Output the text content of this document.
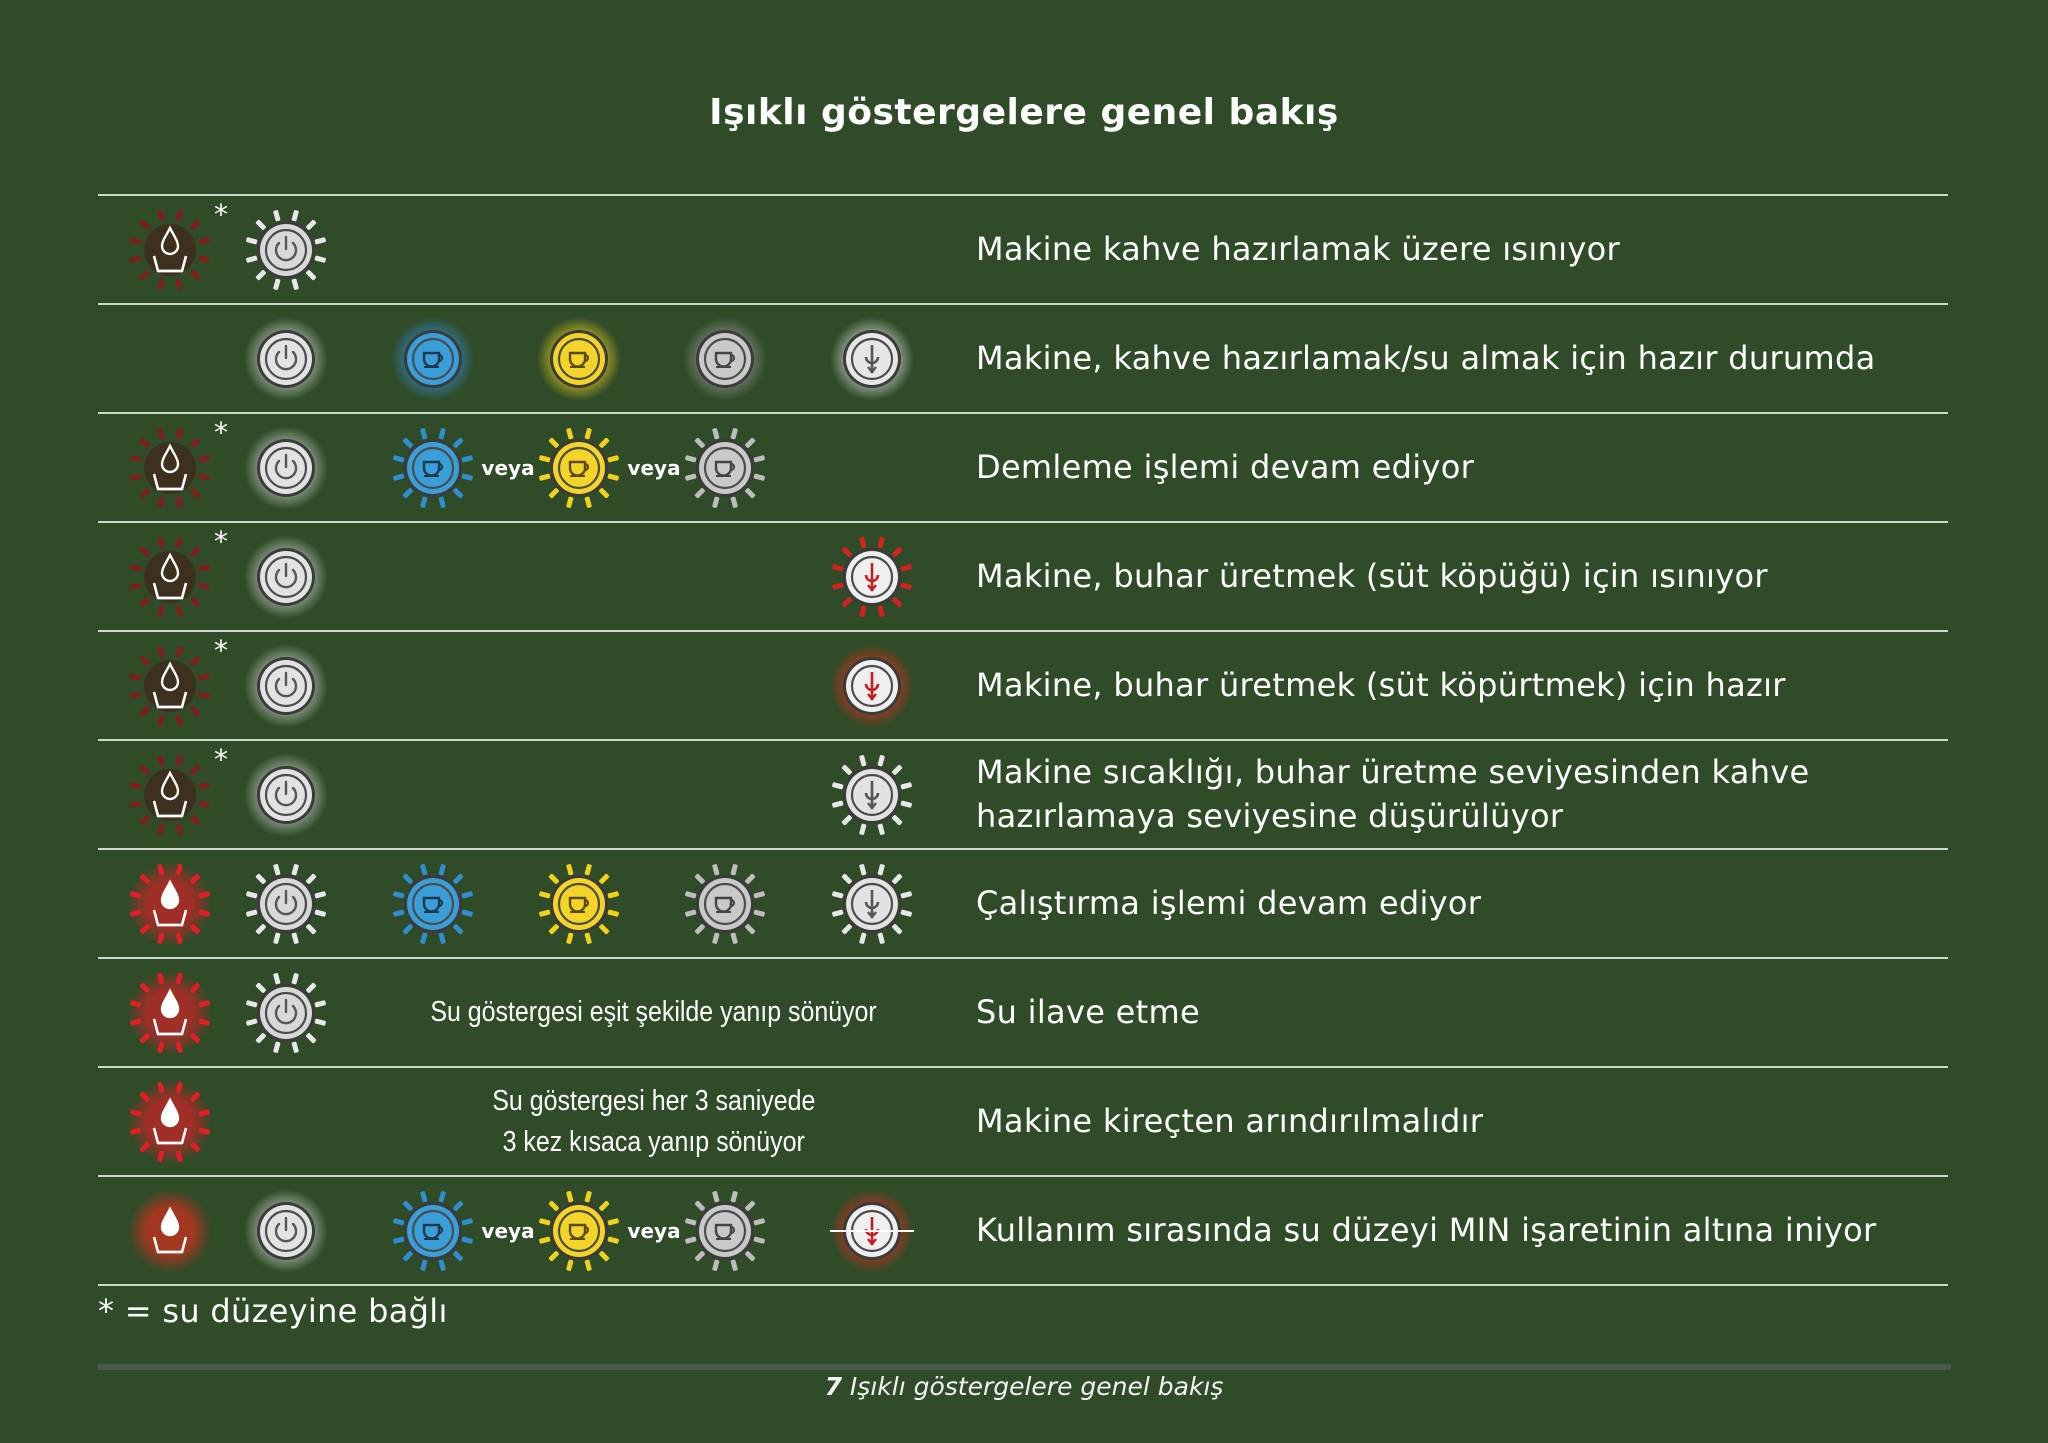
Işıklı göstergelere genel bakış
*
Makine kahve hazırlamak üzere ısınıyor
Makine, kahve hazırlamak/su almak için hazır durumda
*
veya	veya	Demleme işlemi devam ediyor
*
Makine, buhar üretmek (süt köpüğü) için ısınıyor
*
Makine, buhar üretmek (süt köpürtmek) için hazır
*	Makine sıcaklığı, buhar üretme seviyesinden kahve hazırlamaya seviyesine düşürülüyor
Çalıştırma işlemi devam ediyor
Su göstergesi eşit şekilde yanıp sönüyor	Su ilave etme
Su göstergesi her 3 saniyede
3 kez kısaca yanıp sönüyor
Makine kireçten arındırılmalıdır
veya	veya	Kullanım sırasında su düzeyi MIN işaretinin altına iniyor
* = su düzeyine bağlı
7 Işıklı göstergelere genel bakış
